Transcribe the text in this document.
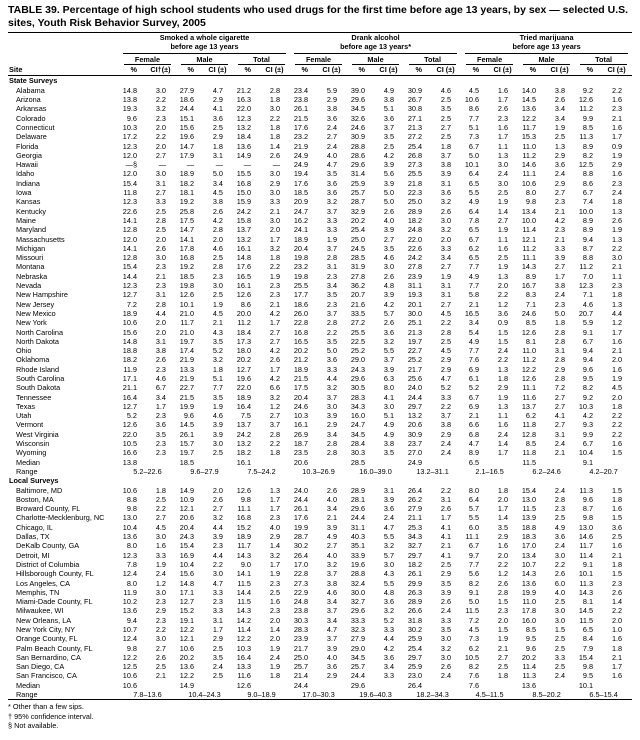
TABLE 39. Percentage of high school students who used drugs for the first time before age 13 years, by sex — selected U.S. sites, Youth Risk Behavior Survey, 2005
Site	
Smoked a whole cigarette
before age 13 years

Drank alcohol
before age 13 years*

Tried marijuana
before age 13 years

	Female		Male		Total		Female		Male		Total		Female		Male		Total	

	%	CI†(±)	%	CI (±)	%	CI (±)	%	CI (±)	%	CI (±)	%	CI (±)	%	CI (±)	%	CI (±)	%	CI (±)
State Surveys																		
Alabama	14.8	3.0	27.9	4.7	21.2	2.8	23.4	5.9	39.0	4.9	30.9	4.6	4.5	1.6	14.0	3.8	9.2	2.2
Arizona	13.8	2.2	18.6	2.9	16.3	1.8	23.8	2.9	29.6	3.8	26.7	2.5	10.6	1.7	14.5	2.6	12.6	1.6
Arkansas	19.3	3.2	24.4	4.1	22.0	3.0	26.1	3.8	34.5	5.1	30.8	3.5	8.6	2.6	13.6	3.4	11.2	2.3
Colorado	9.6	2.3	15.1	3.6	12.3	2.2	21.5	3.6	32.6	3.6	27.1	2.5	7.7	2.3	12.2	3.4	9.9	2.1
Connecticut	10.3	2.0	15.6	2.5	13.2	1.8	17.6	2.4	24.6	3.7	21.3	2.7	5.1	1.6	11.7	1.9	8.5	1.6
Delaware	17.2	2.2	19.6	2.9	18.4	1.8	23.2	2.7	30.9	3.5	27.2	2.5	7.3	1.7	15.3	2.5	11.3	1.7
Florida	12.3	2.0	14.7	1.8	13.6	1.4	21.9	2.4	28.8	2.5	25.4	1.8	6.7	1.1	11.0	1.3	8.9	0.9
Georgia	12.0	2.7	17.9	3.1	14.9	2.6	24.9	4.0	28.6	4.2	26.8	3.7	5.0	1.3	11.2	2.9	8.2	1.9
Hawaii	—§	—	—	—	—	—	24.9	4.7	29.6	3.9	27.3	3.8	10.1	3.0	14.6	3.6	12.5	2.9
Idaho	12.0	3.0	18.9	5.0	15.5	3.0	19.4	3.5	31.4	5.6	25.5	3.9	6.4	2.4	11.1	2.4	8.8	1.6
Indiana	15.4	3.1	18.2	3.4	16.8	2.9	17.6	3.6	25.9	3.9	21.8	3.1	6.5	3.0	10.6	2.9	8.6	2.3
Iowa	11.8	2.7	18.1	4.5	15.0	3.0	18.5	3.6	25.7	5.0	22.3	3.6	5.5	2.5	8.0	2.7	6.7	2.4
Kansas	12.3	3.3	19.2	3.8	15.9	3.3	20.9	3.2	28.7	5.0	25.0	3.2	4.9	1.9	9.8	2.3	7.4	1.8
Kentucky	22.6	2.5	25.8	2.6	24.2	2.1	24.7	3.7	32.9	2.6	28.9	2.6	6.4	1.4	13.4	2.1	10.0	1.3
Maine	14.1	2.8	17.5	4.2	15.8	3.0	16.2	3.3	20.2	4.0	18.2	3.0	7.8	2.7	10.0	4.2	8.9	2.6
Maryland	12.8	2.5	14.7	2.8	13.7	2.0	24.1	3.3	25.4	3.9	24.8	3.2	6.5	1.9	11.4	2.3	8.9	1.9
Massachusetts	12.0	2.0	14.1	2.0	13.2	1.7	18.9	1.9	25.0	2.7	22.0	2.0	6.7	1.1	12.1	2.1	9.4	1.3
Michigan	14.1	2.6	17.8	4.6	16.1	3.2	20.4	3.7	24.5	3.5	22.6	3.3	6.2	1.6	11.2	3.3	8.7	2.2
Missouri	12.8	3.0	16.8	2.5	14.8	1.8	19.8	2.8	28.5	4.6	24.2	3.4	6.5	2.5	11.1	3.9	8.8	3.0
Montana	15.4	2.3	19.2	2.8	17.6	2.2	23.2	3.1	31.9	3.0	27.8	2.7	7.7	1.9	14.3	2.7	11.2	2.1
Nebraska	14.4	2.1	18.5	2.3	16.5	1.9	19.8	2.3	27.8	2.6	23.9	1.9	4.9	1.3	8.9	1.7	7.0	1.1
Nevada	12.3	2.3	19.8	3.0	16.1	2.3	25.5	3.4	36.2	4.8	31.1	3.1	7.7	2.0	16.7	3.8	12.3	2.3
New Hampshire	12.7	3.1	12.6	2.5	12.6	2.3	17.7	3.5	20.7	3.9	19.3	3.1	5.8	2.2	8.3	2.4	7.1	1.8
New Jersey	7.2	2.8	10.1	1.9	8.6	2.1	18.6	2.3	21.6	4.2	20.1	2.7	2.1	1.2	7.1	2.3	4.6	1.3
New Mexico	18.9	4.4	21.0	4.5	20.0	4.2	26.0	3.7	33.5	5.7	30.0	4.5	16.5	3.6	24.6	5.0	20.7	4.4
New York	10.6	2.0	11.7	2.1	11.2	1.7	22.8	2.8	27.2	2.6	25.1	2.2	3.4	0.9	8.5	1.8	5.9	1.2
North Carolina	15.6	2.0	21.0	4.3	18.4	2.7	16.8	2.2	25.5	3.6	21.3	2.8	5.4	1.5	12.6	2.8	9.1	1.7
North Dakota	14.8	3.1	19.7	3.5	17.3	2.7	16.5	3.5	22.5	3.2	19.7	2.5	4.9	1.5	8.1	2.8	6.7	1.6
Ohio	18.8	3.8	17.4	5.2	18.0	4.2	20.2	5.0	25.2	5.5	22.7	4.5	7.7	2.4	11.0	3.1	9.4	2.1
Oklahoma	18.2	2.6	21.9	3.2	20.2	2.6	21.2	3.6	29.0	3.7	25.2	2.9	7.6	2.2	11.2	2.8	9.4	2.0
Rhode Island	11.9	2.3	13.3	1.8	12.7	1.7	18.9	3.3	24.3	3.9	21.7	2.9	6.9	1.3	12.2	2.9	9.6	1.6
South Carolina	17.1	4.6	21.9	5.1	19.6	4.2	21.5	4.4	29.6	6.3	25.6	4.7	6.1	1.8	12.6	2.8	9.5	1.9
South Dakota	21.1	6.7	22.7	7.7	22.0	6.6	17.5	3.2	30.5	8.0	24.0	5.2	5.2	2.9	11.1	7.2	8.2	4.5
Tennessee	16.4	3.4	21.5	3.5	18.9	3.2	20.4	3.7	28.3	4.1	24.4	3.3	6.7	1.9	11.6	2.7	9.2	2.0
Texas	12.7	1.7	19.9	1.9	16.4	1.2	24.6	3.0	34.3	3.0	29.7	2.2	6.9	1.3	13.7	2.7	10.3	1.8
Utah	5.2	2.3	9.6	4.6	7.5	2.7	10.3	3.9	16.0	5.1	13.2	3.7	2.1	1.1	6.2	4.1	4.2	2.2
Vermont	12.6	3.6	14.5	3.9	13.7	3.7	16.1	2.9	24.7	4.9	20.6	3.8	6.6	1.6	11.8	2.7	9.3	2.2
West Virginia	22.0	3.5	26.1	3.9	24.2	2.8	26.9	3.4	34.5	4.9	30.9	2.9	6.8	2.4	12.8	3.1	9.9	2.2
Wisconsin	10.5	2.3	15.7	3.0	13.2	2.2	18.7	2.8	28.4	3.8	23.7	2.4	4.7	1.4	8.5	2.4	6.7	1.6
Wyoming	16.6	2.3	19.7	2.5	18.2	1.8	23.5	2.8	30.3	3.5	27.0	2.4	8.9	1.7	11.8	2.1	10.4	1.5
Median	13.8		18.5		16.1		20.6		28.5		24.9		6.5		11.5		9.1	
Range	5.2–22.6		9.6–27.9		7.5–24.2		10.3–26.9		16.0–39.0		13.2–31.1		2.1–16.5		6.2–24.6		4.2–20.7	
Local Surveys																		
Baltimore, MD	10.6	1.8	14.9	2.0	12.6	1.3	24.0	2.6	28.9	3.1	26.4	2.2	8.0	1.8	15.4	2.4	11.3	1.5
Boston, MA	8.8	2.5	10.9	2.6	9.8	1.7	24.4	4.0	28.1	3.9	26.2	3.1	6.4	2.0	13.0	2.8	9.6	1.8
Broward County, FL	9.8	2.2	12.1	2.7	11.1	1.7	26.1	3.4	29.6	3.6	27.9	2.6	5.7	1.7	11.5	2.3	8.7	1.6
Charlotte-Mecklenburg, NC	13.0	2.7	20.6	3.2	16.8	2.3	17.6	2.1	24.4	2.4	21.1	1.7	5.5	1.4	13.9	2.5	9.8	1.5
Chicago, IL	10.4	4.5	20.4	4.4	15.2	4.0	19.9	3.9	31.1	4.7	25.3	4.1	6.0	3.5	18.8	4.9	13.0	3.6
Dallas, TX	13.6	3.0	24.3	3.9	18.9	2.9	28.7	4.9	40.3	5.5	34.3	4.1	11.1	2.9	18.3	3.6	14.6	2.5
DeKalb County, GA	8.0	1.6	15.4	2.3	11.7	1.4	30.2	2.7	35.1	3.2	32.7	2.1	6.7	1.6	17.0	2.4	11.7	1.6
Detroit, MI	12.3	3.3	16.9	4.4	14.3	3.2	26.4	4.0	33.9	5.7	29.7	4.1	9.7	2.0	13.4	3.0	11.4	2.1
District of Columbia	7.8	1.9	10.4	2.2	9.0	1.7	17.0	3.2	19.6	3.0	18.2	2.5	7.7	2.2	10.7	2.2	9.1	1.8
Hillsborough County, FL	12.4	2.4	15.6	3.0	14.1	1.9	22.8	3.7	28.8	4.3	26.1	2.9	5.6	1.2	14.3	2.6	10.1	1.5
Los Angeles, CA	8.0	1.2	14.8	4.7	11.5	2.3	27.3	3.8	32.4	5.5	29.9	3.5	8.2	2.6	13.6	6.0	11.3	2.3
Memphis, TN	11.9	3.0	17.1	3.3	14.4	2.5	22.9	4.6	30.0	4.8	26.3	3.9	9.1	2.8	19.9	4.0	14.3	2.6
Miami-Dade County, FL	10.2	2.3	12.7	2.3	11.5	1.6	24.8	3.4	32.7	3.6	28.9	2.6	5.0	1.5	11.0	2.5	8.1	1.4
Milwaukee, WI	13.6	2.9	15.2	3.3	14.3	2.3	23.8	3.7	29.6	3.2	26.6	2.4	11.5	2.3	17.8	3.0	14.5	2.2
New Orleans, LA	9.4	2.3	19.1	3.1	14.2	2.0	30.3	3.4	33.3	5.2	31.8	3.3	7.2	2.0	16.0	3.0	11.5	2.0
New York City, NY	10.7	2.2	12.2	1.7	11.4	1.4	28.3	4.7	32.3	3.3	30.2	3.5	4.5	1.5	8.5	1.5	6.5	1.0
Orange County, FL	12.4	3.0	12.1	2.9	12.2	2.0	23.9	3.7	27.9	4.4	25.9	3.0	7.3	1.9	9.5	2.5	8.4	1.6
Palm Beach County, FL	9.8	2.7	10.6	2.5	10.3	1.9	21.7	3.9	29.0	4.2	25.4	3.2	6.2	2.1	9.6	2.5	7.9	1.8
San Bernardino, CA	12.2	2.6	20.2	3.5	16.4	2.4	25.0	4.0	34.5	3.6	29.7	3.0	10.5	2.7	20.2	3.3	15.4	2.1
San Diego, CA	12.5	2.5	13.6	2.4	13.3	1.9	25.7	3.6	25.7	3.4	25.9	2.6	8.2	2.5	11.4	2.5	9.8	1.7
San Francisco, CA	10.6	2.1	12.2	2.5	11.6	1.8	21.4	2.9	24.4	3.3	23.0	2.4	7.6	1.8	11.3	2.4	9.5	1.6
Median	10.6		14.9		12.6		24.4		29.6		26.4		7.6		13.6		10.1	
Range	7.8–13.6		10.4–24.3		9.0–18.9		17.0–30.3		19.6–40.3		18.2–34.3		4.5–11.5		8.5–20.2		6.5–15.4	
* Other than a few sips.
† 95% confidence interval.
§ Not available.
